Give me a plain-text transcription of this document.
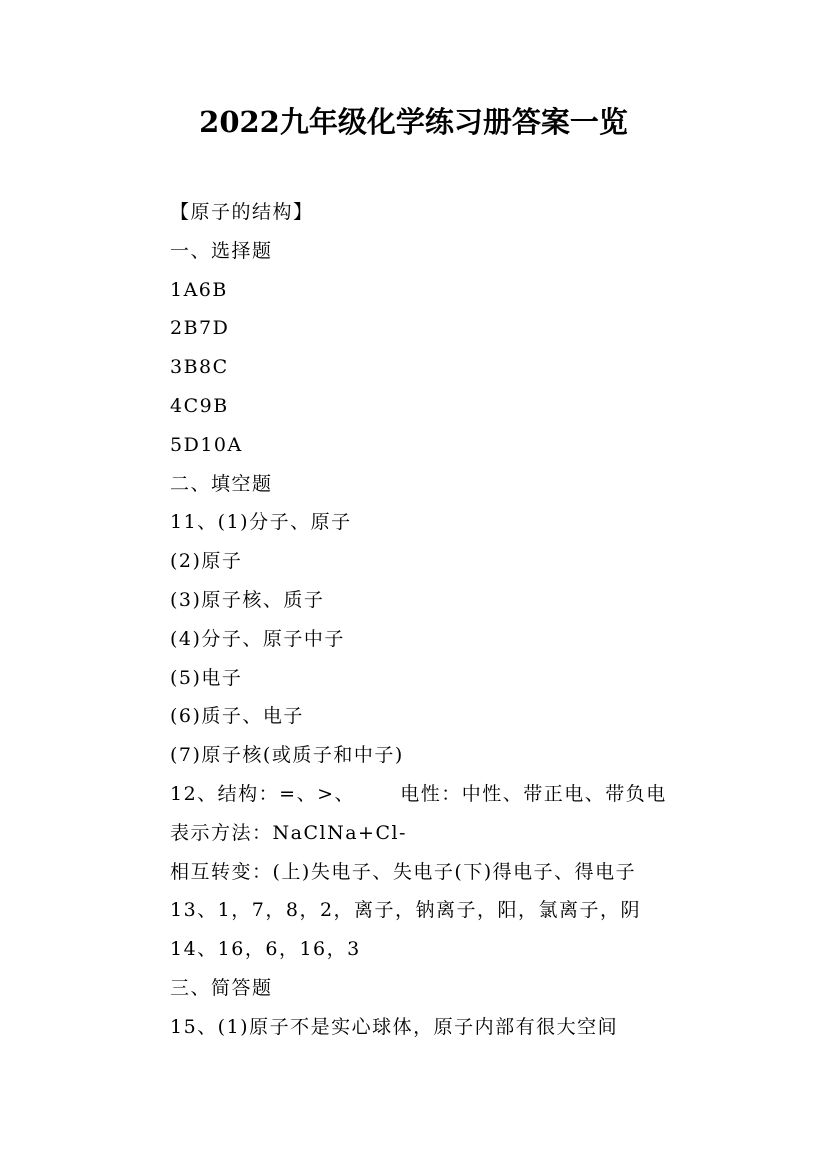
2022九年级化学练习册答案一览
【原子的结构】
一、选择题
1A6B
2B7D
3B8C
4C9B
5D10A
二、填空题
11、(1)分子、原子
(2)原子
(3)原子核、质子
(4)分子、原子中子
(5)电子
(6)质子、电子
(7)原子核(或质子和中子)
12、结构：=、>、      电性：中性、带正电、带负电
表示方法：NaClNa+Cl-
相互转变：(上)失电子、失电子(下)得电子、得电子
13、1，7，8，2，离子，钠离子，阳，氯离子，阴
14、16，6，16，3
三、简答题
15、(1)原子不是实心球体，原子内部有很大空间
